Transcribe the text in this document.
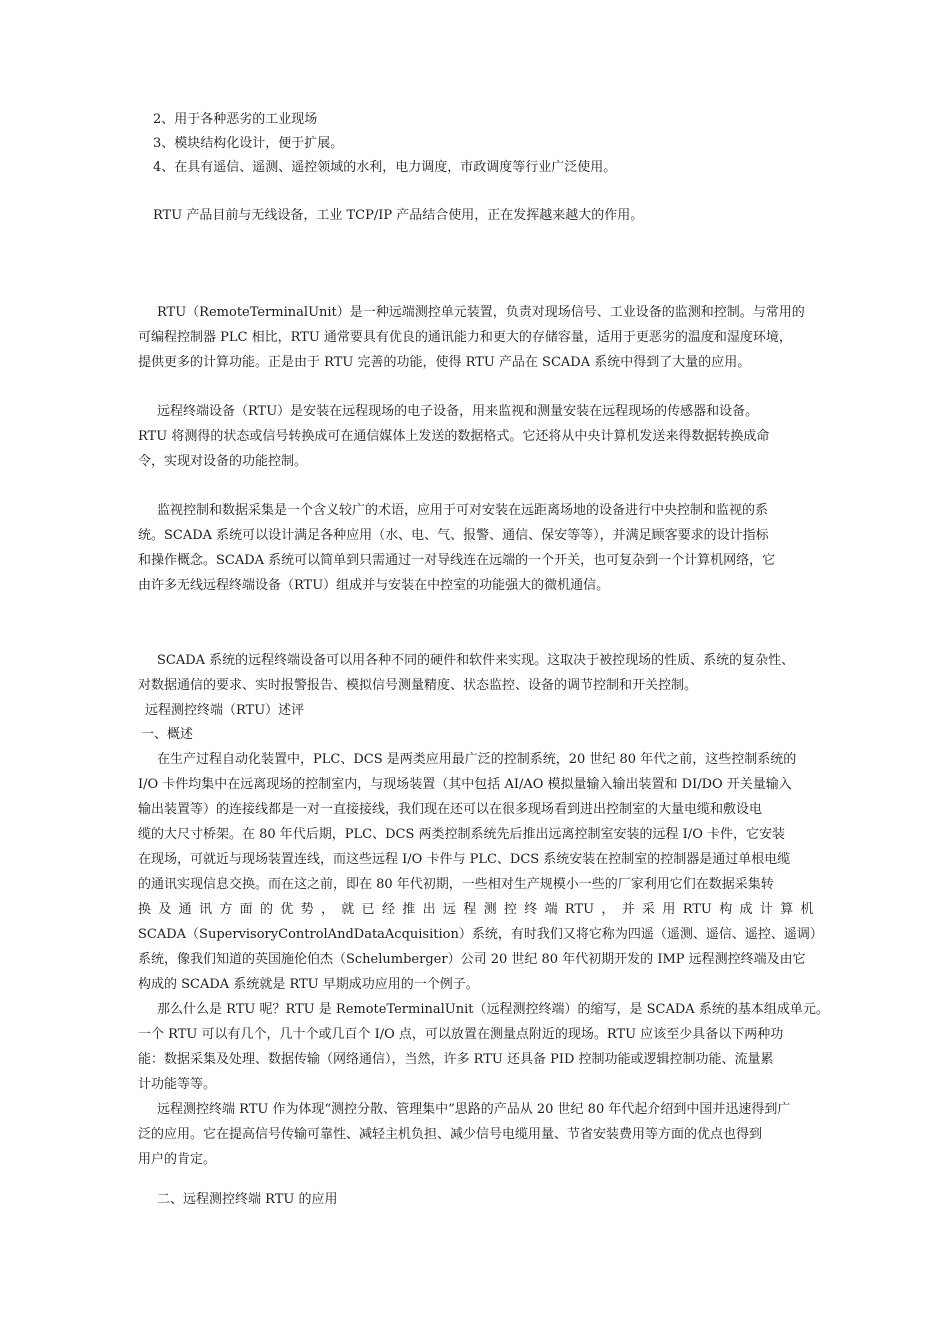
2、用于各种恶劣的工业现场
3、模块结构化设计，便于扩展。
4、在具有遥信、遥测、遥控领域的水利，电力调度，市政调度等行业广泛使用。
RTU 产品目前与无线设备，工业 TCP/IP 产品结合使用，正在发挥越来越大的作用。
RTU（RemoteTerminalUnit）是一种远端测控单元装置，负责对现场信号、工业设备的监测和控制。与常用的
可编程控制器 PLC 相比，RTU 通常要具有优良的通讯能力和更大的存储容量，适用于更恶劣的温度和湿度环境，
提供更多的计算功能。正是由于 RTU 完善的功能，使得 RTU 产品在 SCADA 系统中得到了大量的应用。
远程终端设备（RTU）是安装在远程现场的电子设备，用来监视和测量安装在远程现场的传感器和设备。
RTU 将测得的状态或信号转换成可在通信媒体上发送的数据格式。它还将从中央计算机发送来得数据转换成命
令，实现对设备的功能控制。
监视控制和数据采集是一个含义较广的术语，应用于可对安装在远距离场地的设备进行中央控制和监视的系
统。SCADA 系统可以设计满足各种应用（水、电、气、报警、通信、保安等等），并满足顾客要求的设计指标
和操作概念。SCADA 系统可以简单到只需通过一对导线连在远端的一个开关，也可复杂到一个计算机网络，它
由许多无线远程终端设备（RTU）组成并与安装在中控室的功能强大的微机通信。
SCADA 系统的远程终端设备可以用各种不同的硬件和软件来实现。这取决于被控现场的性质、系统的复杂性、
对数据通信的要求、实时报警报告、模拟信号测量精度、状态监控、设备的调节控制和开关控制。
远程测控终端（RTU）述评
一、概述
在生产过程自动化装置中，PLC、DCS 是两类应用最广泛的控制系统，20 世纪 80 年代之前，这些控制系统的
I/O 卡件均集中在远离现场的控制室内，与现场装置（其中包括 AI/AO 模拟量输入输出装置和 DI/DO 开关量输入
输出装置等）的连接线都是一对一直接接线，我们现在还可以在很多现场看到进出控制室的大量电缆和敷设电
缆的大尺寸桥架。在 80 年代后期，PLC、DCS 两类控制系统先后推出远离控制室安装的远程 I/O 卡件，它安装
在现场，可就近与现场装置连线，而这些远程 I/O 卡件与 PLC、DCS 系统安装在控制室的控制器是通过单根电缆
的通讯实现信息交换。而在这之前，即在 80 年代初期，一些相对生产规模小一些的厂家利用它们在数据采集转
换 及 通 讯 方 面 的 优 势 ， 就 已 经 推 出 远 程 测 控 终 端 RTU ， 并 采 用 RTU 构 成 计 算 机
SCADA（SupervisoryControlAndDataAcquisition）系统，有时我们又将它称为四遥（遥测、遥信、遥控、遥调）
系统，像我们知道的英国施伦伯杰（Schelumberger）公司 20 世纪 80 年代初期开发的 IMP 远程测控终端及由它
构成的 SCADA 系统就是 RTU 早期成功应用的一个例子。
那么什么是 RTU 呢？RTU 是 RemoteTerminalUnit（远程测控终端）的缩写，是 SCADA 系统的基本组成单元。
一个 RTU 可以有几个，几十个或几百个 I/O 点，可以放置在测量点附近的现场。RTU 应该至少具备以下两种功
能：数据采集及处理、数据传输（网络通信），当然，许多 RTU 还具备 PID 控制功能或逻辑控制功能、流量累
计功能等等。
远程测控终端 RTU 作为体现“测控分散、管理集中”思路的产品从 20 世纪 80 年代起介绍到中国并迅速得到广
泛的应用。它在提高信号传输可靠性、减轻主机负担、减少信号电缆用量、节省安装费用等方面的优点也得到
用户的肯定。
二、远程测控终端 RTU 的应用
